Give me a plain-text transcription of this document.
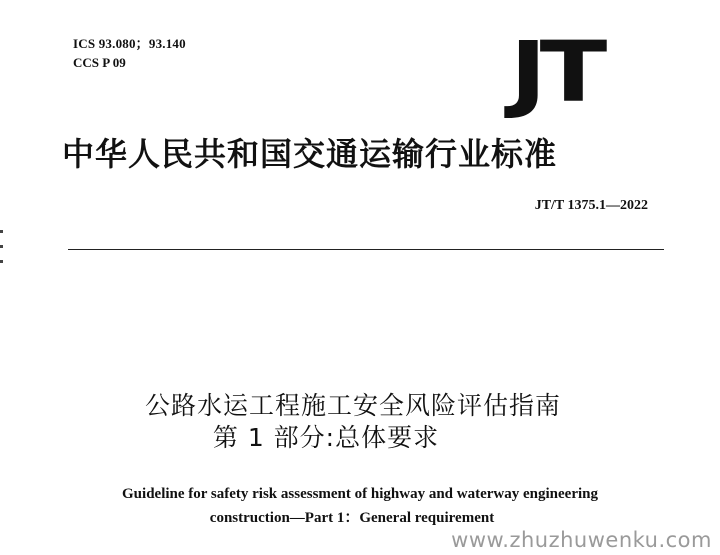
ICS 93.080；93.140
CCS P 09	JT
中华人民共和国交通运输行业标准
JT/T 1375.1—2022
公路水运工程施工安全风险评估指南
第 1 部分:总体要求
Guideline for safety risk assessment of highway and waterway engineering
construction—Part 1：General requirement
www.zhuzhuwenku.com
